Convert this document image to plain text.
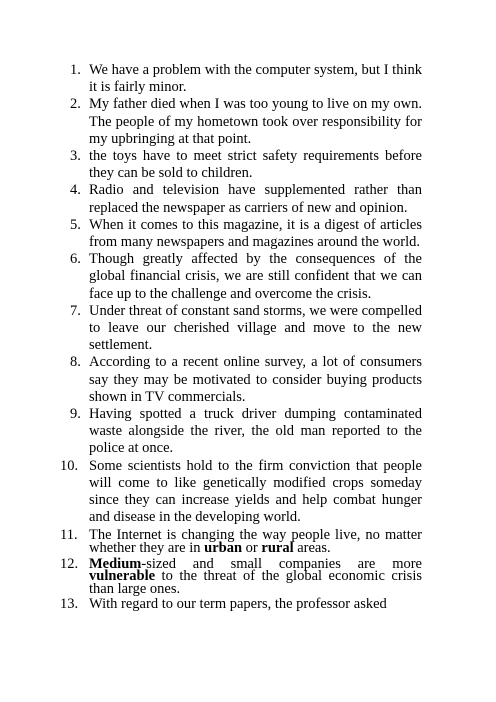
1. We have a problem with the computer system, but I think it is fairly minor.
2. My father died when I was too young to live on my own. The people of my hometown took over responsibility for my upbringing at that point.
3. the toys have to meet strict safety requirements before they can be sold to children.
4. Radio and television have supplemented rather than replaced the newspaper as carriers of new and opinion.
5. When it comes to this magazine, it is a digest of articles from many newspapers and magazines around the world.
6. Though greatly affected by the consequences of the global financial crisis, we are still confident that we can face up to the challenge and overcome the crisis.
7. Under threat of constant sand storms, we were compelled to leave our cherished village and move to the new settlement.
8. According to a recent online survey, a lot of consumers say they may be motivated to consider buying products shown in TV commercials.
9. Having spotted a truck driver dumping contaminated waste alongside the river, the old man reported to the police at once.
10. Some scientists hold to the firm conviction that people will come to like genetically modified crops someday since they can increase yields and help combat hunger and disease in the developing world.
11. The Internet is changing the way people live, no matter whether they are in urban or rural areas.
12. Medium-sized and small companies are more vulnerable to the threat of the global economic crisis than large ones.
13. With regard to our term papers, the professor asked
